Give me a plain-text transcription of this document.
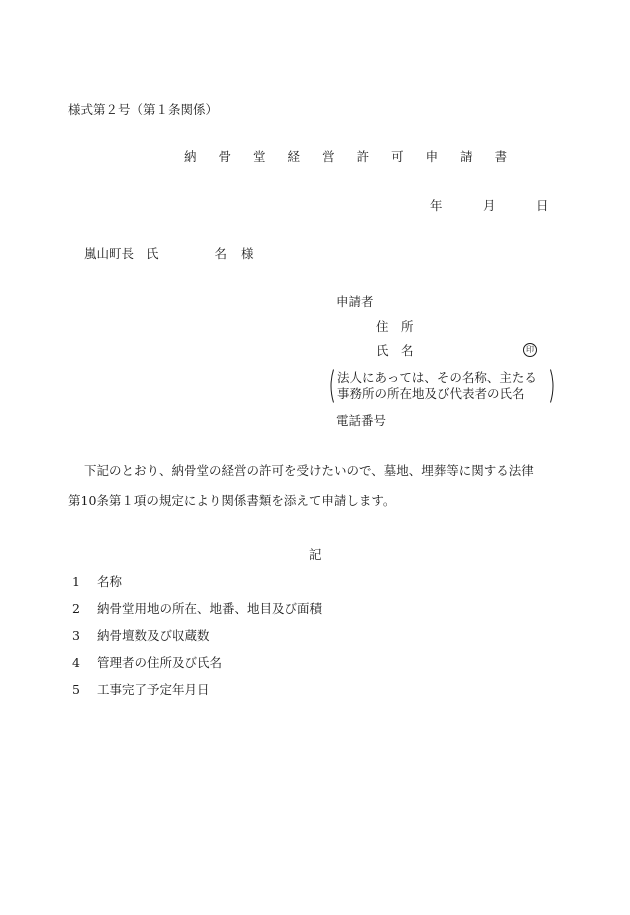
様式第２号（第１条関係）
納 骨 堂 経 営 許 可 申 請 書
年	月	日
嵐山町長 氏	名 様
申請者
住　所
氏　名	印
法人にあっては、その名称、主たる
事務所の所在地及び代表者の氏名
電話番号
下記のとおり、納骨堂の経営の許可を受けたいので、墓地、埋葬等に関する法律
第10条第１項の規定により関係書類を添えて申請します。
記
1 名称
2 納骨堂用地の所在、地番、地目及び面積
3 納骨壇数及び収蔵数
4 管理者の住所及び氏名
5 工事完了予定年月日
